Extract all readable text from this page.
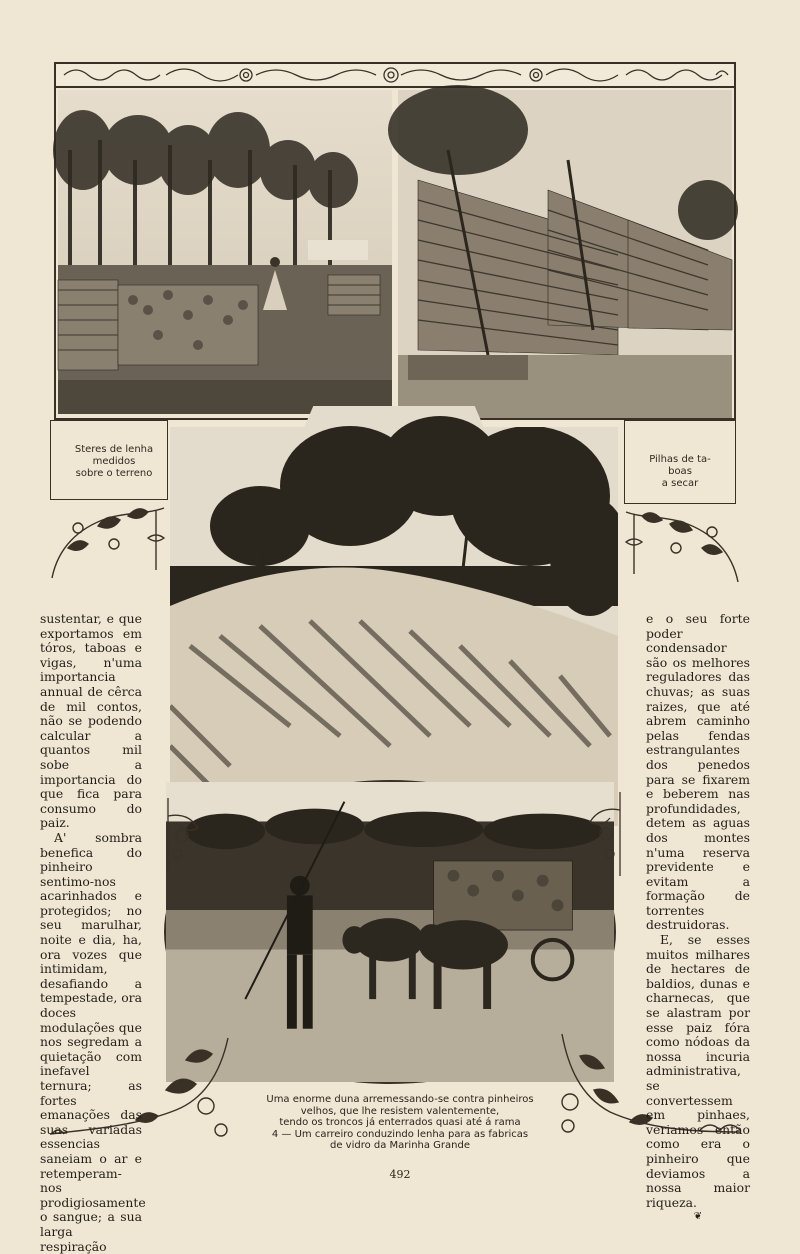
Steres de lenha
medidos
sobre o terreno
Pilhas de ta-
boas
a secar

sustentar, e que exportamos em tóros, taboas e vigas, n'uma importancia annual de cêrca de mil contos, não se podendo calcular a quantos mil sobe a importancia do que fica para consumo do paiz.

A' sombra benefica do pinheiro sentimo-nos acarinhados e protegidos; no seu marulhar, noite e dia, ha, ora vozes que intimidam, desafiando a tempestade, ora doces modulações que nos segredam a quietação com inefavel ternura; as fortes emanações das suas variadas essencias saneiam o ar e retemperam-nos prodigiosamente o sangue; a sua larga respiração

e o seu forte poder condensador são os melhores reguladores das chuvas; as suas raizes, que até abrem caminho pelas fendas estrangulantes dos penedos para se fixarem e beberem nas profundidades, detem as aguas dos montes n'uma reserva previdente e evitam a formação de torrentes destruidoras.

E, se esses muitos milhares de hectares de baldios, dunas e charnecas, que se alastram por esse paiz fóra como nódoas da nossa incuria administrativa, se convertessem em pinhaes, veriamos então como era o pinheiro que deviamos a nossa maior riqueza.

❦
Uma enorme duna arremessando-se contra pinheiros
velhos, que lhe resistem valentemente,
tendo os troncos já enterrados quasi até á rama
4 — Um carreiro conduzindo lenha para as fabricas
de vidro da Marinha Grande
492
